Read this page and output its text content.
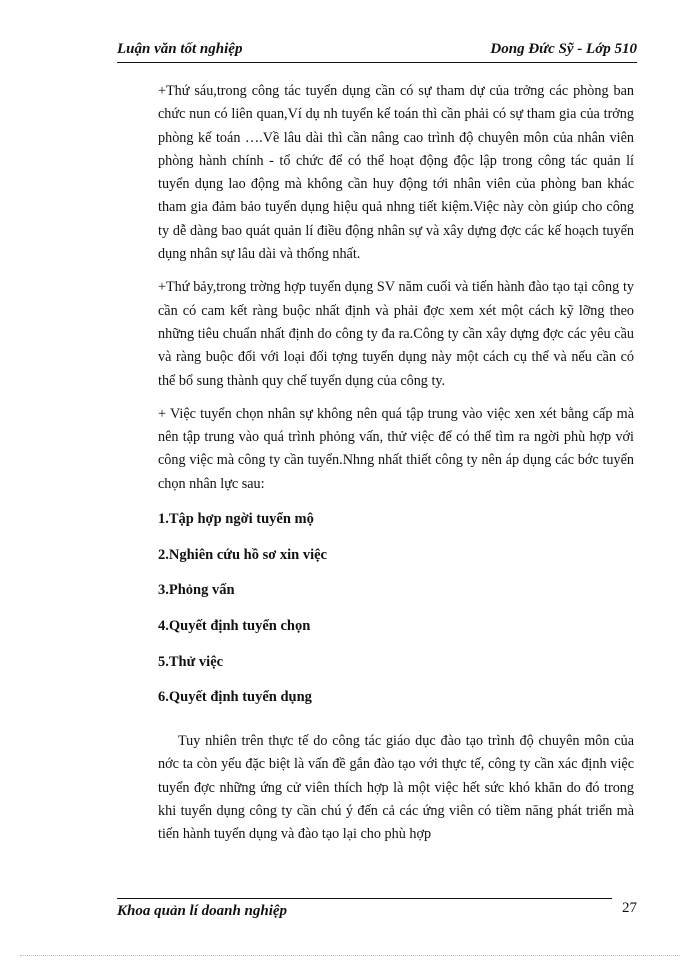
Luận văn tốt nghiệp	Dong Đức Sỹ - Lớp 510

+Thứ sáu,trong công tác tuyển dụng cần có sự tham dự của trởng các phòng ban chức nun có liên quan,Ví dụ nh tuyển kế toán thì cần phải có sự tham gia của trởng phòng kế toán ….Về lâu dài thì cần nâng cao trình độ chuyên môn của nhân viên phòng hành chính - tổ chức để có thể hoạt động độc lập trong công tác quản lí tuyển dụng lao động mà không cần huy động tới nhân viên của phòng ban khác tham gia đảm bảo tuyển dụng hiệu quả nhng tiết kiệm.Việc này còn giúp cho công ty dễ dàng bao quát quản lí điều động nhân sự và xây dựng đợc các kế hoạch tuyển dụng nhân sự lâu dài và thống nhất.

+Thứ bảy,trong trờng hợp tuyển dụng SV năm cuối và tiến hành đào tạo tại công ty cần có cam kết ràng buộc nhất định và phải đợc xem xét một cách kỹ lỡng theo những tiêu chuẩn nhất định do công ty đa ra.Công ty cần xây dựng đợc các yêu cầu và ràng buộc đối với loại đối tợng tuyển dụng này một cách cụ thể và nếu cần có thể bổ sung thành quy chế tuyển dụng của công ty.

+ Việc tuyển chọn nhân sự không nên quá tập trung vào việc xen xét bằng cấp mà nên tập trung vào quá trình phỏng vấn, thử việc để có thể tìm ra ngời phù hợp với công việc mà công ty cần tuyển.Nhng nhất thiết công ty nên áp dụng các bớc tuyển chọn nhân lực sau:

1.Tập hợp ngời tuyển mộ
2.Nghiên cứu hồ sơ xin việc
3.Phỏng vấn
4.Quyết định tuyển chọn
5.Thử việc
6.Quyết định tuyển dụng

Tuy nhiên trên thực tế do công tác giáo dục đào tạo trình độ chuyên môn của nớc ta còn yếu đặc biệt là vấn đề gắn đào tạo với thực tế, công ty cần xác định việc tuyển đợc những ứng cử viên thích hợp là một việc hết sức khó khăn do đó trong khi tuyển dụng công ty cần chú ý đến cả các ứng viên có tiềm năng phát triển mà tiến hành tuyển dụng và đào tạo lại cho phù hợp

Khoa quản lí doanh nghiệp	27
